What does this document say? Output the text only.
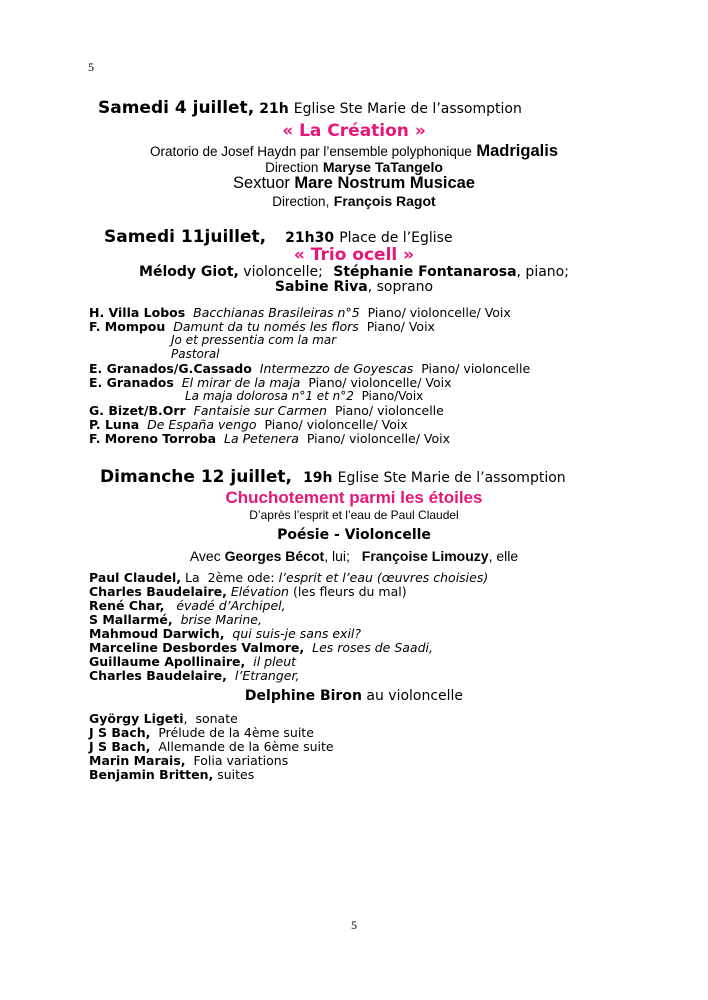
5
5
Samedi 4 juillet, 21h Eglise Ste Marie de l’assomption
« La Création »
Oratorio de Josef Haydn par l’ensemble polyphonique Madrigalis
Direction Maryse TaTangelo
Sextuor Mare Nostrum Musicae
Direction, François Ragot
Samedi 11juillet, 21h30 Place de l’Eglise
« Trio ocell »
Mélody Giot, violoncelle; Stéphanie Fontanarosa, piano;
Sabine Riva, soprano
H. Villa Lobos Bacchianas Brasileiras n°5 Piano/ violoncelle/ Voix
F. Mompou Damunt da tu només les flors Piano/ Voix
Jo et pressentia com la mar
Pastoral
E. Granados/G.Cassado Intermezzo de Goyescas Piano/ violoncelle
E. Granados El mirar de la maja Piano/ violoncelle/ Voix
La maja dolorosa n°1 et n°2 Piano/Voix
G. Bizet/B.Orr Fantaisie sur Carmen Piano/ violoncelle
P. Luna De España vengo Piano/ violoncelle/ Voix
F. Moreno Torroba La Petenera Piano/ violoncelle/ Voix
Dimanche 12 juillet, 19h Eglise Ste Marie de l’assomption
Chuchotement parmi les étoiles
D’après l’esprit et l’eau de Paul Claudel
Poésie - Violoncelle
Avec Georges Bécot, lui; Françoise Limouzy, elle
Paul Claudel, La  2ème ode: l’esprit et l’eau (œuvres choisies)
Charles Baudelaire, Elévation (les fleurs du mal)
René Char, évadé d’Archipel,
S Mallarmé, brise Marine,
Mahmoud Darwich, qui suis-je sans exil?
Marceline Desbordes Valmore, Les roses de Saadi,
Guillaume Apollinaire, il pleut
Charles Baudelaire, l’Etranger,
Delphine Biron au violoncelle
György Ligeti,  sonate
J S Bach,  Prélude de la 4ème suite
J S Bach,  Allemande de la 6ème suite
Marin Marais,  Folia variations
Benjamin Britten, suites
